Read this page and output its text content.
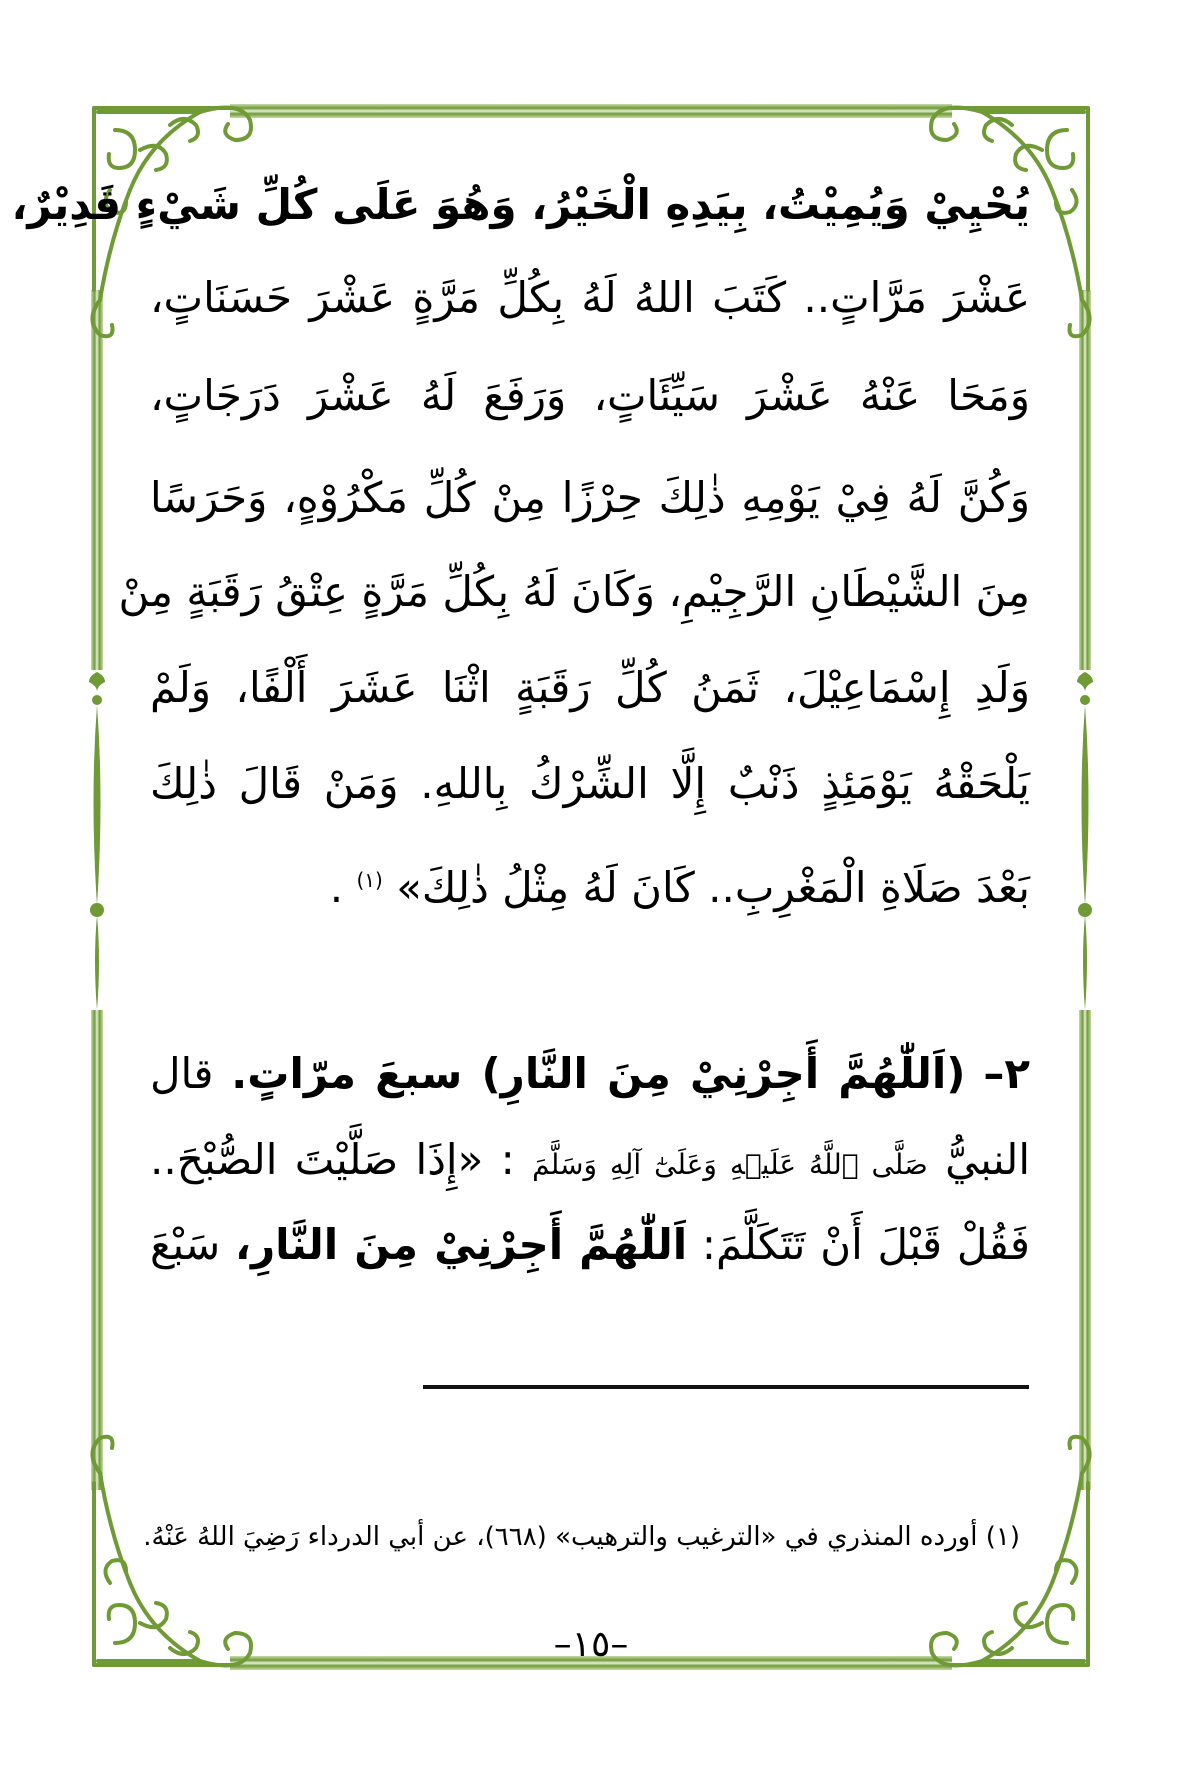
يُحْيِيْ وَيُمِيْتُ، بِيَدِهِ الْخَيْرُ، وَهُوَ عَلَى كُلِّ شَيْءٍ قَدِيْرٌ،
عَشْرَ مَرَّاتٍ.. كَتَبَ اللهُ لَهُ بِكُلِّ مَرَّةٍ عَشْرَ حَسَنَاتٍ،
وَمَحَا عَنْهُ عَشْرَ سَيِّئَاتٍ، وَرَفَعَ لَهُ عَشْرَ دَرَجَاتٍ،
وَكُنَّ لَهُ فِيْ يَوْمِهِ ذٰلِكَ حِرْزًا مِنْ كُلِّ مَكْرُوْهٍ، وَحَرَسًا
مِنَ الشَّيْطَانِ الرَّجِيْمِ، وَكَانَ لَهُ بِكُلِّ مَرَّةٍ عِتْقُ رَقَبَةٍ مِنْ
وَلَدِ إِسْمَاعِيْلَ، ثَمَنُ كُلِّ رَقَبَةٍ اثْنَا عَشَرَ أَلْفًا، وَلَمْ
يَلْحَقْهُ يَوْمَئِذٍ ذَنْبٌ إِلَّا الشِّرْكُ بِاللهِ. وَمَنْ قَالَ ذٰلِكَ
بَعْدَ صَلَاةِ الْمَغْرِبِ.. كَانَ لَهُ مِثْلُ ذٰلِكَ» $^{(١)}$ .
٢– (اَللّٰهُمَّ أَجِرْنِيْ مِنَ النَّارِ) سبعَ مرّاتٍ. قال
النبيُّ صَلَّى ٱللَّهُ عَلَيۡهِ وَعَلَىٰٓ آلِهِ وَسَلَّمَ : «إِذَا صَلَّيْتَ الصُّبْحَ..
فَقُلْ قَبْلَ أَنْ تَتَكَلَّمَ: اَللّٰهُمَّ أَجِرْنِيْ مِنَ النَّارِ، سَبْعَ
(١) أورده المنذري في «الترغيب والترهيب» (٦٦٨)، عن أبي الدرداء رَضِيَ اللهُ عَنْهُ.
–١٥–
